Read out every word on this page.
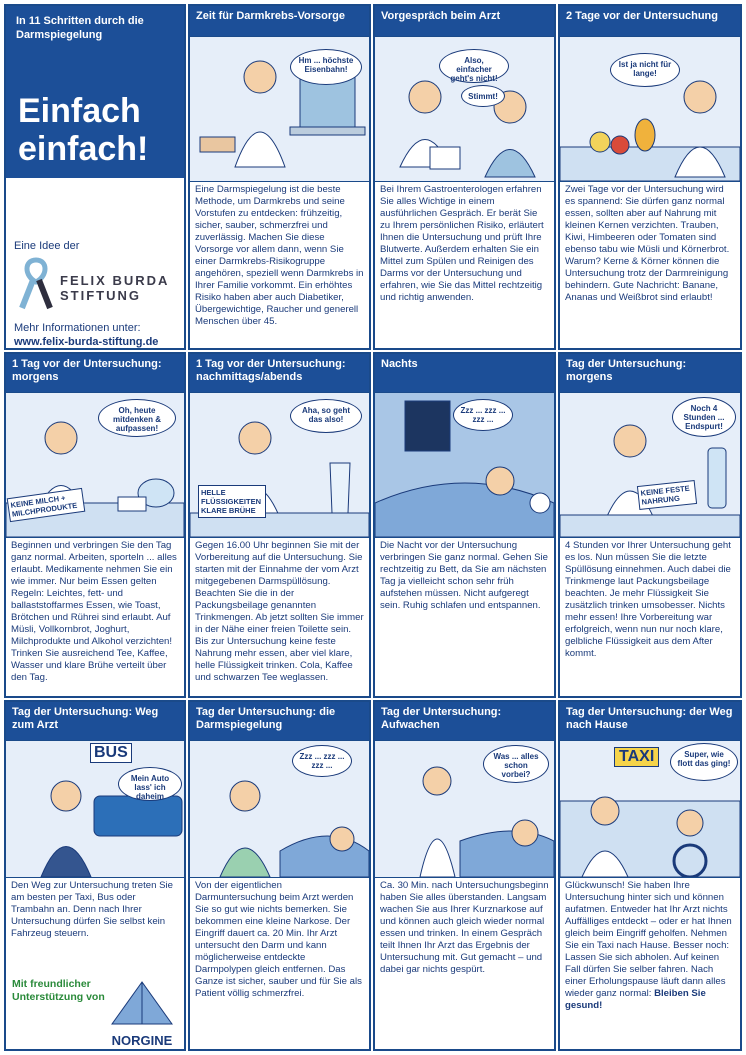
In 11 Schritten durch die Darmspiegelung
Einfach
einfach!
Eine Idee der
FELIX BURDA
STIFTUNG
Mehr Informationen unter:
www.felix-burda-stiftung.de
Zeit für Darmkrebs-Vorsorge
Hm ... höchste Eisenbahn!
Eine Darmspiegelung ist die beste Methode, um Darmkrebs und seine Vorstufen zu entdecken: frühzeitig, sicher, sauber, schmerzfrei und zuverlässig. Machen Sie diese Vorsorge vor allem dann, wenn Sie einer Darmkrebs-Risikogruppe angehören, speziell wenn Darmkrebs in Ihrer Familie vorkommt. Ein erhöhtes Risiko haben aber auch Diabetiker, Übergewichtige, Raucher und generell Menschen über 45.
Vorgespräch beim Arzt
Also, einfacher geht's nicht!
Stimmt!
Bei Ihrem Gastroenterologen erfahren Sie alles Wichtige in einem ausführlichen Gespräch. Er berät Sie zu Ihrem persönlichen Risiko, erläutert Ihnen die Untersuchung und prüft Ihre Blutwerte. Außerdem erhalten Sie ein Mittel zum Spülen und Reinigen des Darms vor der Untersuchung und erfahren, wie Sie das Mittel rechtzeitig und richtig anwenden.
2 Tage vor der Untersuchung
Ist ja nicht für lange!
Zwei Tage vor der Untersuchung wird es spannend: Sie dürfen ganz normal essen, sollten aber auf Nahrung mit kleinen Kernen verzichten. Trauben, Kiwi, Himbeeren oder Tomaten sind ebenso tabu wie Müsli und Körnerbrot. Warum? Kerne & Körner können die Untersuchung trotz der Darmreinigung behindern. Gute Nachricht: Banane, Ananas und Weißbrot sind erlaubt!
1 Tag vor der Untersuchung: morgens
Oh, heute mitdenken & aufpassen!
KEINE MILCH + MILCHPRODUKTE
Beginnen und verbringen Sie den Tag ganz normal. Arbeiten, sporteln ... alles erlaubt. Medikamente nehmen Sie ein wie immer. Nur beim Essen gelten Regeln: Leichtes, fett- und ballaststoffarmes Essen, wie Toast, Brötchen und Rührei sind erlaubt. Auf Müsli, Vollkornbrot, Joghurt, Milchprodukte und Alkohol verzichten! Trinken Sie ausreichend Tee, Kaffee, Wasser und klare Brühe verteilt über den Tag.
1 Tag vor der Untersuchung: nachmittags/abends
Aha, so geht das also!
HELLE FLÜSSIGKEITEN KLARE BRÜHE
Gegen 16.00 Uhr beginnen Sie mit der Vorbereitung auf die Untersuchung. Sie starten mit der Einnahme der vom Arzt mitgegebenen Darmspüllösung. Beachten Sie die in der Packungsbeilage genannten Trinkmengen. Ab jetzt sollten Sie immer in der Nähe einer freien Toilette sein. Bis zur Untersuchung keine feste Nahrung mehr essen, aber viel klare, helle Flüssigkeit trinken. Cola, Kaffee und schwarzen Tee weglassen.
Nachts
Zzz ... zzz ... zzz ...
Die Nacht vor der Untersuchung verbringen Sie ganz normal. Gehen Sie rechtzeitig zu Bett, da Sie am nächsten Tag ja vielleicht schon sehr früh aufstehen müssen. Nicht aufgeregt sein. Ruhig schlafen und entspannen.
Tag der Untersuchung: morgens
Noch 4 Stunden ... Endspurt!
KEINE FESTE NAHRUNG
4 Stunden vor Ihrer Untersuchung geht es los. Nun müssen Sie die letzte Spüllösung einnehmen. Auch dabei die Trinkmenge laut Packungsbeilage beachten. Je mehr Flüssigkeit Sie zusätzlich trinken umsobesser. Nichts mehr essen! Ihre Vorbereitung war erfolgreich, wenn nun nur noch klare, gelbliche Flüssigkeit aus dem After kommt.
Tag der Untersuchung: Weg zum Arzt
BUS
Mein Auto lass' ich daheim
Den Weg zur Untersuchung treten Sie am besten per Taxi, Bus oder Trambahn an. Denn nach Ihrer Untersuchung dürfen Sie selbst kein Fahrzeug steuern.
Mit freundlicher Unterstützung von
NORGINE
Tag der Untersuchung: die Darmspiegelung
Zzz ... zzz ... zzz ...
Von der eigentlichen Darmuntersuchung beim Arzt werden Sie so gut wie nichts bemerken. Sie bekommen eine kleine Narkose. Der Eingriff dauert ca. 20 Min. Ihr Arzt untersucht den Darm und kann möglicherweise entdeckte Darmpolypen gleich entfernen. Das Ganze ist sicher, sauber und für Sie als Patient völlig schmerzfrei.
Tag der Untersuchung: Aufwachen
Was ... alles schon vorbei?
Ca. 30 Min. nach Untersuchungsbeginn haben Sie alles überstanden. Langsam wachen Sie aus Ihrer Kurznarkose auf und können auch gleich wieder normal essen und trinken. In einem Gespräch teilt Ihnen Ihr Arzt das Ergebnis der Untersuchung mit. Gut gemacht – und dabei gar nichts gespürt.
Tag der Untersuchung: der Weg nach Hause
TAXI	Super, wie flott das ging!
Glückwunsch! Sie haben Ihre Untersuchung hinter sich und können aufatmen. Entweder hat Ihr Arzt nichts Auffälliges entdeckt – oder er hat Ihnen gleich beim Eingriff geholfen. Nehmen Sie ein Taxi nach Hause. Besser noch: Lassen Sie sich abholen. Auf keinen Fall dürfen Sie selber fahren. Nach einer Erholungspause läuft dann alles wieder ganz normal: Bleiben Sie gesund!
